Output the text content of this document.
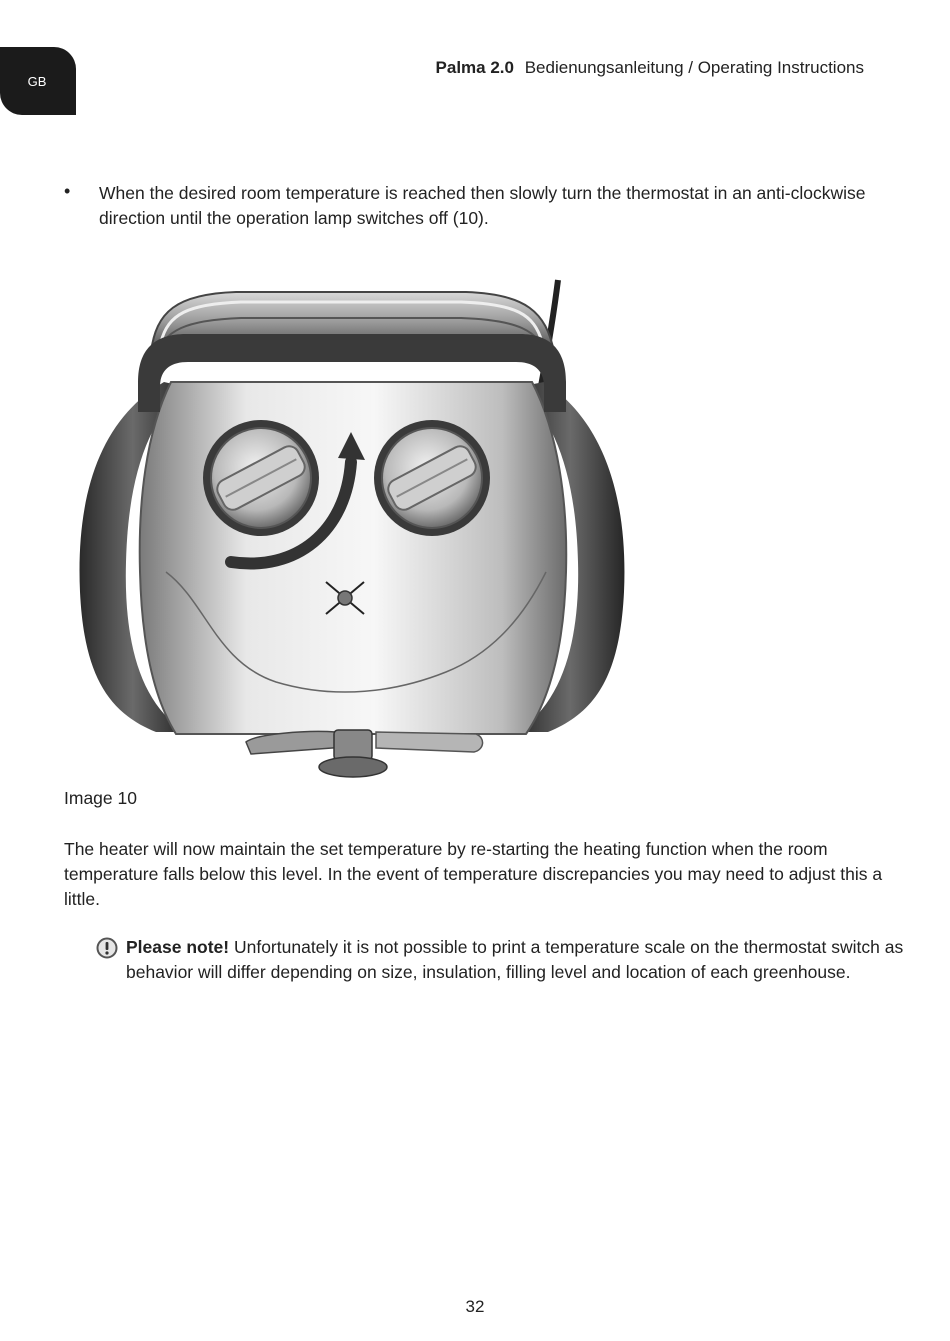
GB
Palma 2.0 Bedienungsanleitung / Operating Instructions
• When the desired room temperature is reached then slowly turn the thermostat in an anti-clockwise direction until the operation lamp switches off (10).
Image 10
The heater will now maintain the set temperature by re-starting the heating function when the room temperature falls below this level. In the event of temperature discrepancies you may need to adjust this a little.
Please note! Unfortunately it is not possible to print a temperature scale on the thermostat switch as behavior will differ depending on size, insulation, filling level and location of each greenhouse.
32
